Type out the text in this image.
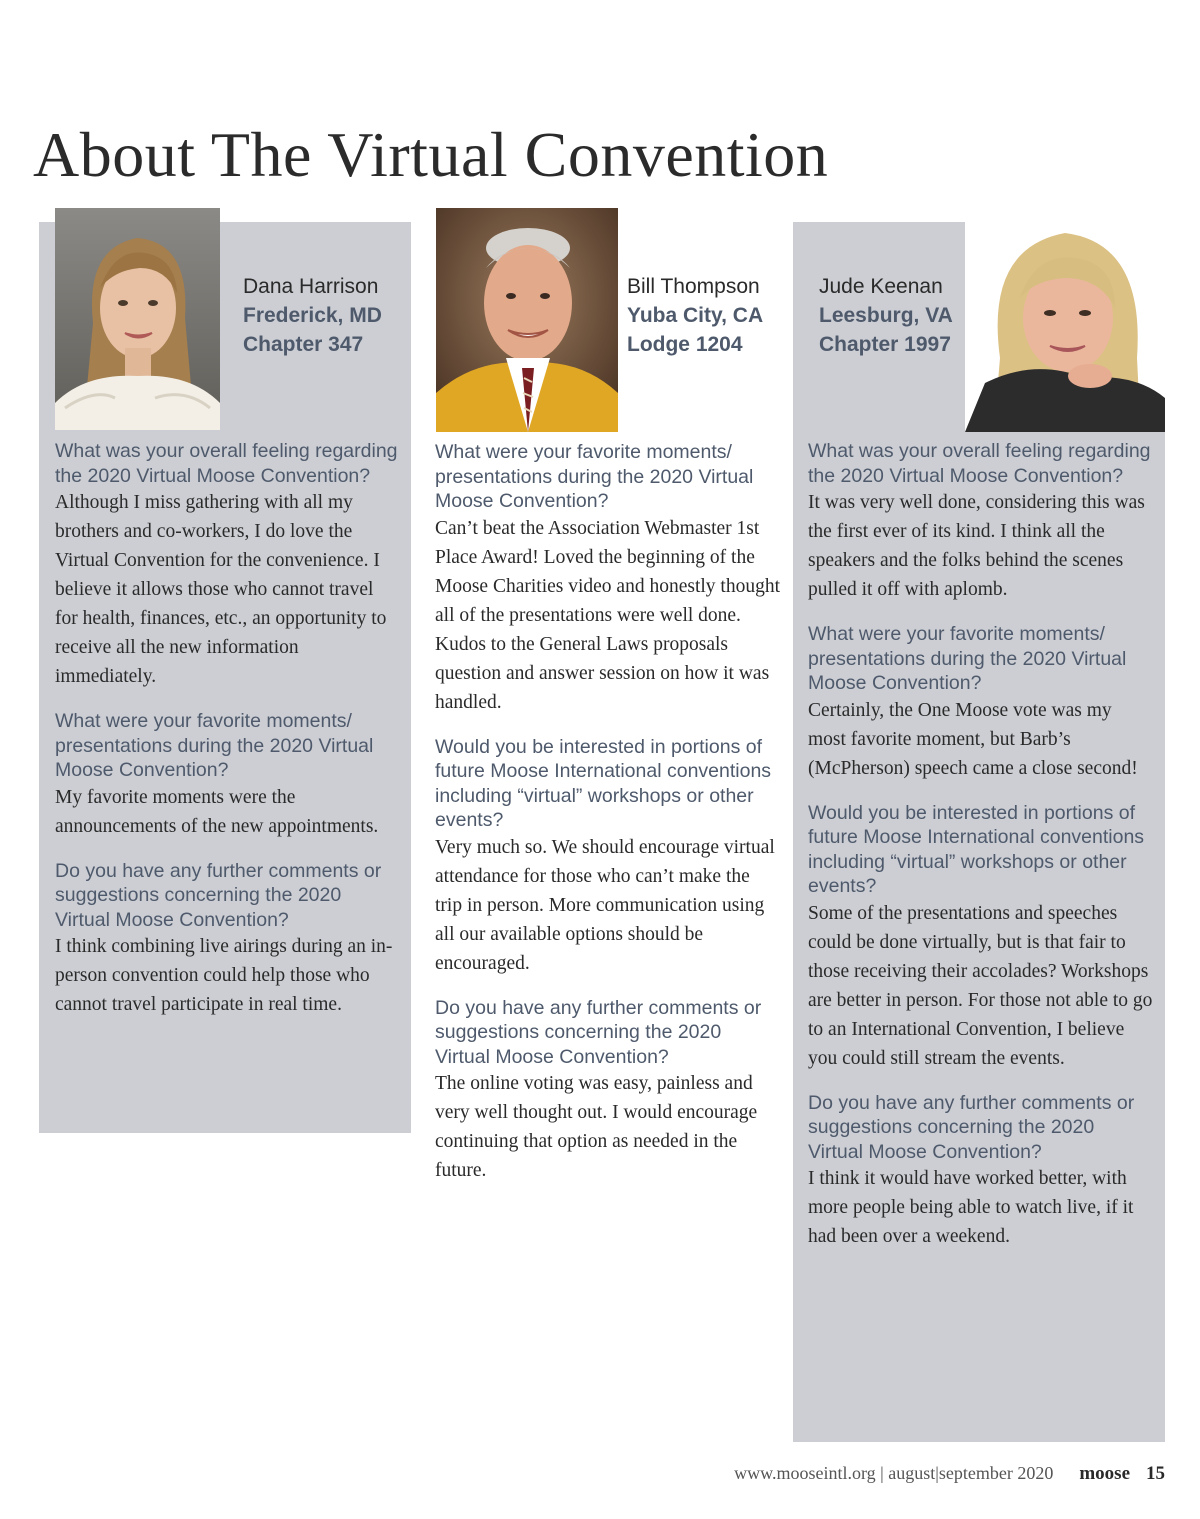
About The Virtual Convention
Dana Harrison
Frederick, MD
Chapter 347
Bill Thompson
Yuba City, CA
Lodge 1204
Jude Keenan
Leesburg, VA
Chapter 1997

What was your overall feeling regarding the 2020 Virtual Moose Convention?

Although I miss gathering with all my brothers and co-workers, I do love the Virtual Convention for the convenience. I believe it allows those who cannot travel for health, finances, etc., an opportunity to receive all the new information immediately.

What were your favorite moments/ presentations during the 2020 Virtual Moose Convention?

My favorite moments were the announcements of the new appointments.

Do you have any further comments or suggestions concerning the 2020 Virtual Moose Convention?

I think combining live airings during an in-person convention could help those who cannot travel participate in real time.

What were your favorite moments/ presentations during the 2020 Virtual Moose Convention?

Can’t beat the Association Webmaster 1st Place Award! Loved the beginning of the Moose Charities video and honestly thought all of the presentations were well done. Kudos to the General Laws proposals question and answer session on how it was handled.

Would you be interested in portions of future Moose International conventions including “virtual” workshops or other events?

Very much so. We should encourage virtual attendance for those who can’t make the trip in person. More communication using all our available options should be encouraged.

Do you have any further comments or suggestions concerning the 2020 Virtual Moose Convention?

The online voting was easy, painless and very well thought out. I would encourage continuing that option as needed in the future.

What was your overall feeling regarding the 2020 Virtual Moose Convention?

It was very well done, considering this was the first ever of its kind. I think all the speakers and the folks behind the scenes pulled it off with aplomb.

What were your favorite moments/ presentations during the 2020 Virtual Moose Convention?

Certainly, the One Moose vote was my most favorite moment, but Barb’s (McPherson) speech came a close second!

Would you be interested in portions of future Moose International conventions including “virtual” workshops or other events?

Some of the presentations and speeches could be done virtually, but is that fair to those receiving their accolades? Workshops are better in person. For those not able to go to an International Convention, I believe you could still stream the events.

Do you have any further comments or suggestions concerning the 2020 Virtual Moose Convention?

I think it would have worked better, with more people being able to watch live, if it had been over a weekend.

www.mooseintl.org | august|september 2020 moose 15
